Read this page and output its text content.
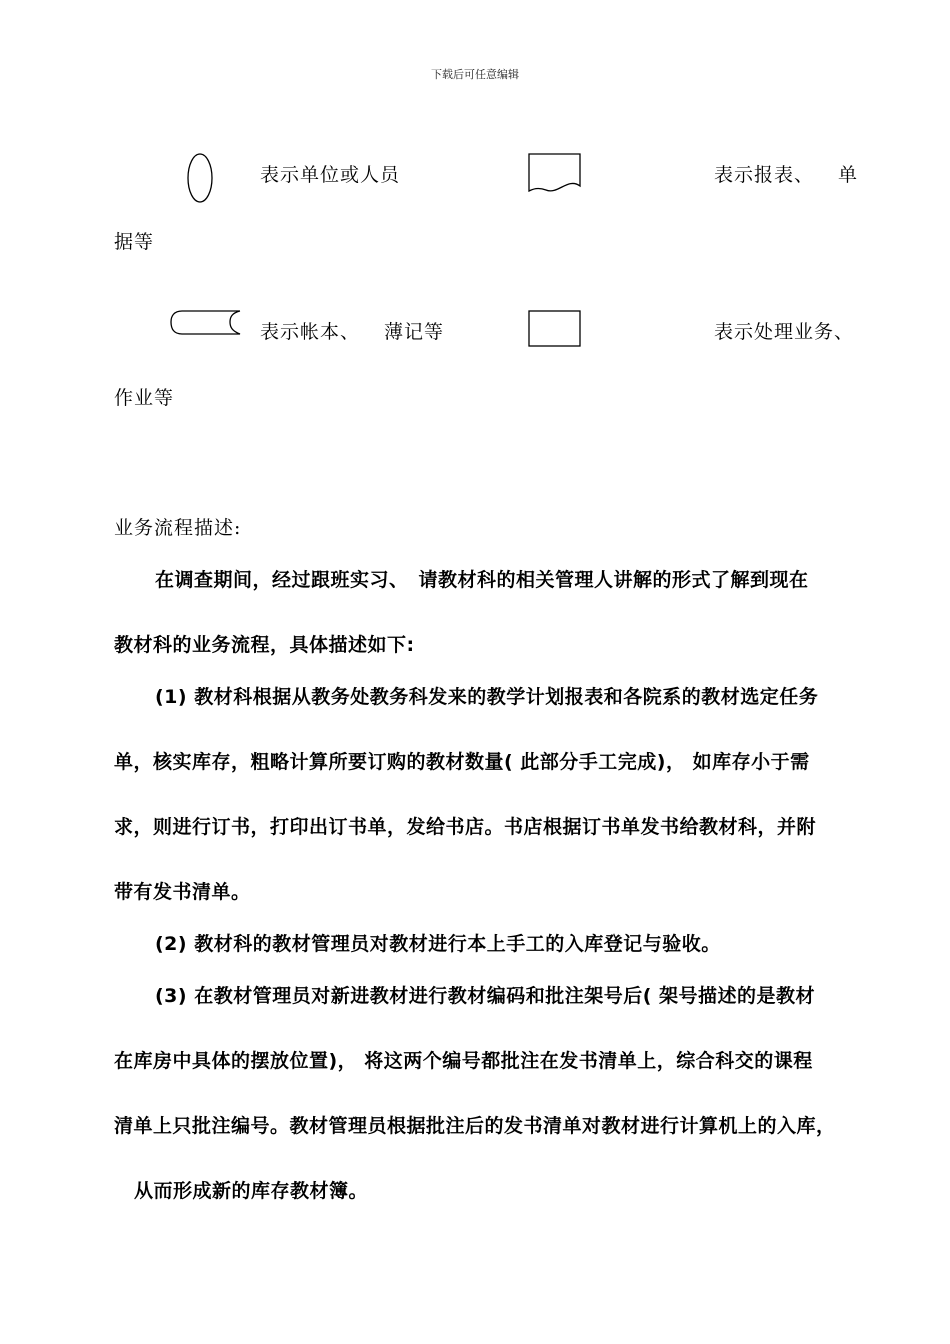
下载后可任意编辑
表示单位或人员	表示报表、 单
据等
表示帐本、 薄记等	表示处理业务、
作业等
业务流程描述:
在调查期间，经过跟班实习、　请教材科的相关管理人讲解的形式了解到现在
教材科的业务流程，具体描述如下:
(1) 教材科根据从教务处教务科发来的教学计划报表和各院系的教材选定任务
单，核实库存，粗略计算所要订购的教材数量( 此部分手工完成)， 如库存小于需
求，则进行订书，打印出订书单，发给书店。书店根据订书单发书给教材科，并附
带有发书清单。
(2) 教材科的教材管理员对教材进行本上手工的入库登记与验收。
(3) 在教材管理员对新进教材进行教材编码和批注架号后( 架号描述的是教材
在库房中具体的摆放位置)， 将这两个编号都批注在发书清单上，综合科交的课程
清单上只批注编号。教材管理员根据批注后的发书清单对教材进行计算机上的入库，
从而形成新的库存教材簿。
